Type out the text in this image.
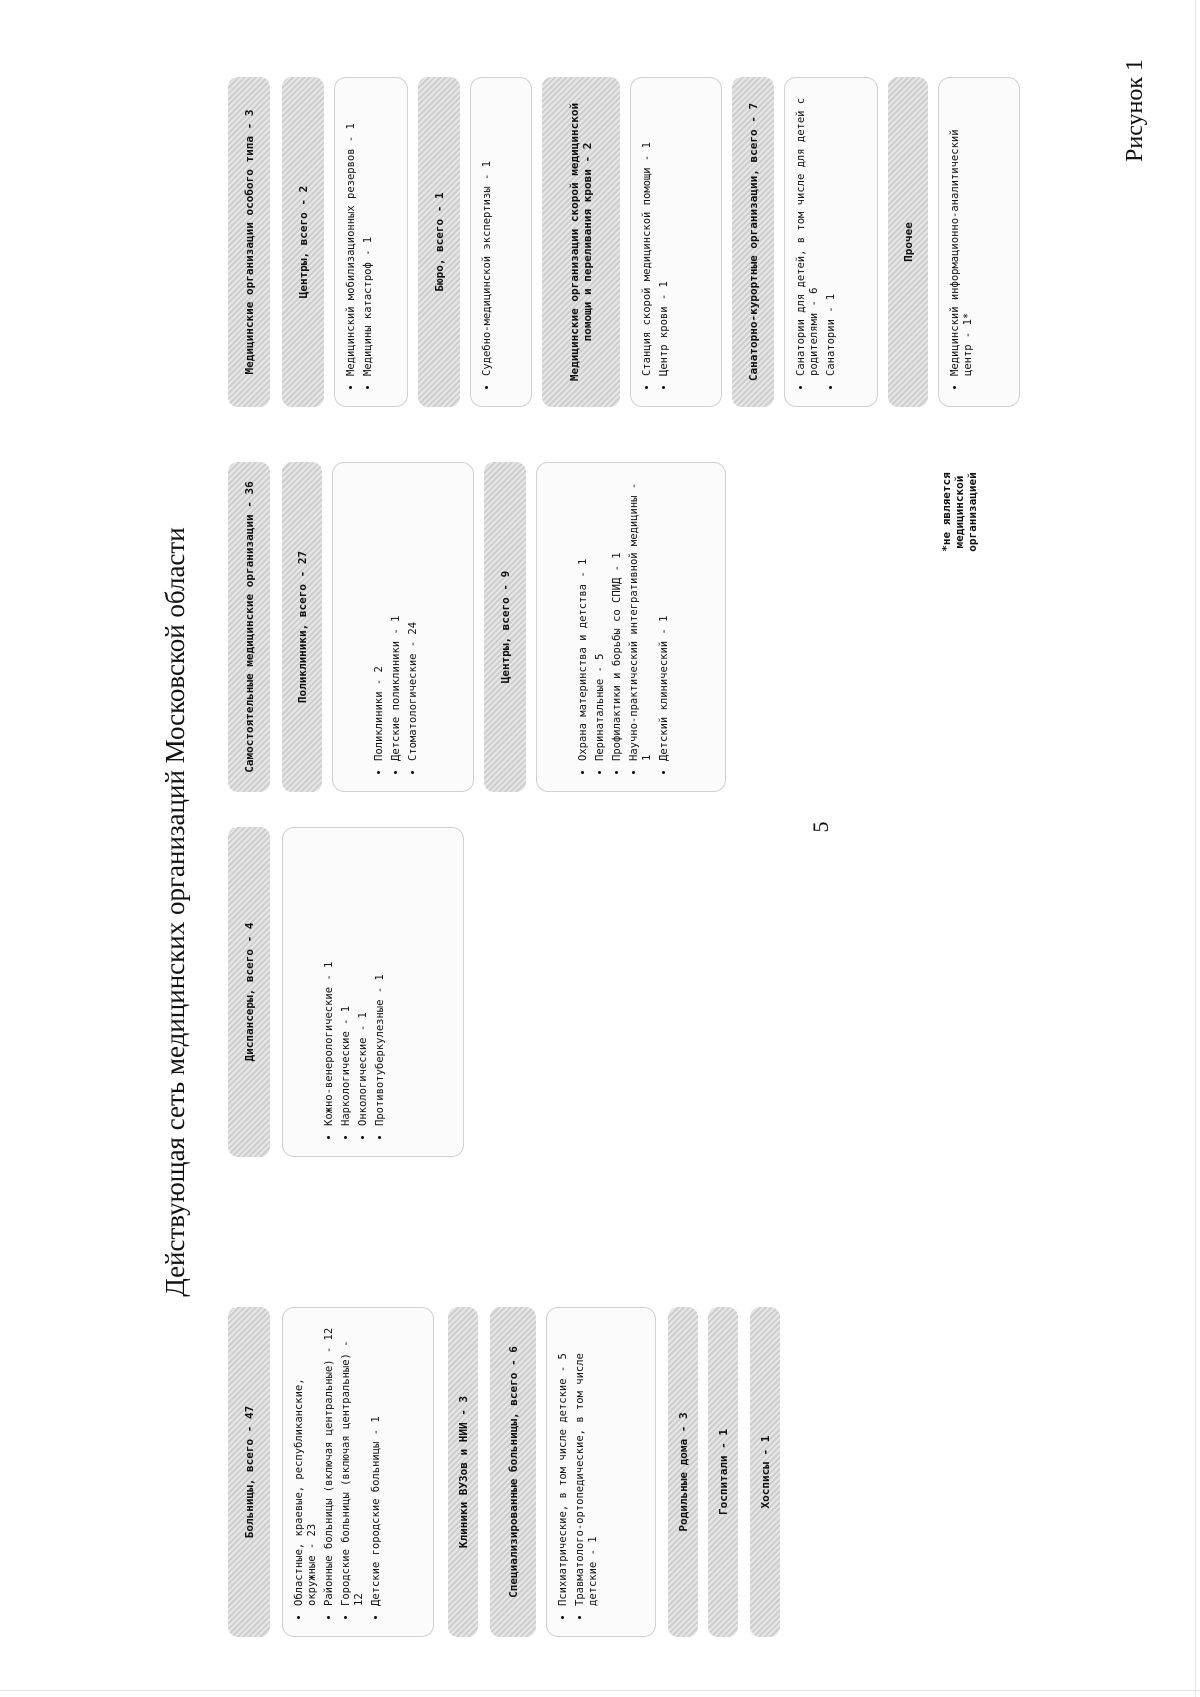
5
Рисунок 1
Действующая сеть медицинских организаций Московской области
Больницы, всего - 47	• Областные, краевые, республиканские, окружные - 23 • Районные больницы (включая центральные) - 12 • Городские больницы (включая центральные) - 12 • Детские городские больницы - 1	Клиники ВУЗов и НИИ - 3	Специализированные больницы, всего - 6	• Психиатрические, в том числе детские - 5 • Травматолого-ортопедические, в том числе детские - 1
Родильные дома - 3	Госпитали - 1	Хосписы - 1
Диспансеры, всего - 4	• Кожно-венерологические - 1 • Наркологические - 1 • Онкологические - 1 • Противотуберкулезные - 1
Самостоятельные медицинские организации - 36	Поликлиники, всего - 27
• Поликлиники - 2 • Детские поликлиники - 1 • Стоматологические - 24	Центры, всего - 9	• Охрана материнства и детства - 1 • Перинатальные - 5 • Профилактики и борьбы со СПИД - 1 • Научно-практический интегративной медицины - 1 • Детский клинический - 1
*не является медицинской организацией
Медицинские организации особого типа - 3	Центры, всего - 2	• Медицинский мобилизационных резервов - 1 • Медицины катастроф - 1	Бюро, всего - 1	• Судебно-медицинской экспертизы - 1	Медицинские организации скорой медицинской помощи и переливания крови - 2	• Станция скорой медицинской помощи - 1 • Центр крови - 1	Санаторно-курортные организации, всего - 7	• Санатории для детей, в том числе для детей с родителями - 6 • Санатории - 1
Прочее	• Медицинский информационно-аналитический центр - 1*
